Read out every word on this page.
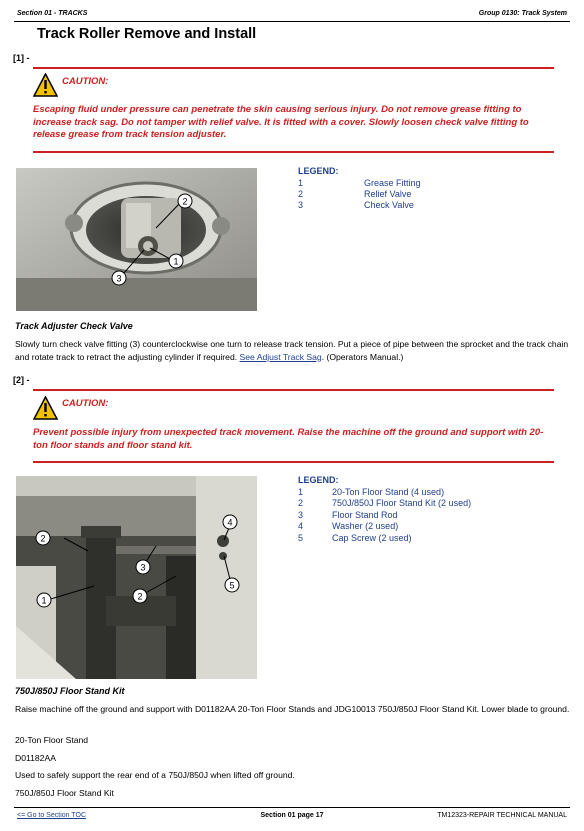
Section 01 - TRACKS	Group 0130: Track System
Track Roller Remove and Install
[1] -
CAUTION:
Escaping fluid under pressure can penetrate the skin causing serious injury. Do not remove grease fitting to increase track sag. Do not tamper with relief valve. It is fitted with a cover. Slowly loosen check valve fitting to release grease from track tension adjuster.
2
1
3
LEGEND:
1	Grease Fitting
2	Relief Valve
3	Check Valve
Track Adjuster Check Valve
Slowly turn check valve fitting (3) counterclockwise one turn to release track tension. Put a piece of pipe between the sprocket and the track chain and rotate track to retract the adjusting cylinder if required. See Adjust Track Sag. (Operators Manual.)
[2] -
CAUTION:
Prevent possible injury from unexpected track movement. Raise the machine off the ground and support with 20-ton floor stands and floor stand kit.
1
2
2
3
4
5
LEGEND:
1	20-Ton Floor Stand (4 used)
2	750J/850J Floor Stand Kit (2 used)
3	Floor Stand Rod
4	Washer (2 used)
5	Cap Screw (2 used)
750J/850J Floor Stand Kit
Raise machine off the ground and support with D01182AA 20-Ton Floor Stands and JDG10013 750J/850J Floor Stand Kit. Lower blade to ground.
20-Ton Floor Stand
D01182AA
Used to safely support the rear end of a 750J/850J when lifted off ground.
750J/850J Floor Stand Kit
<= Go to Section TOC	Section 01 page 17	TM12323-REPAIR TECHNICAL MANUAL
